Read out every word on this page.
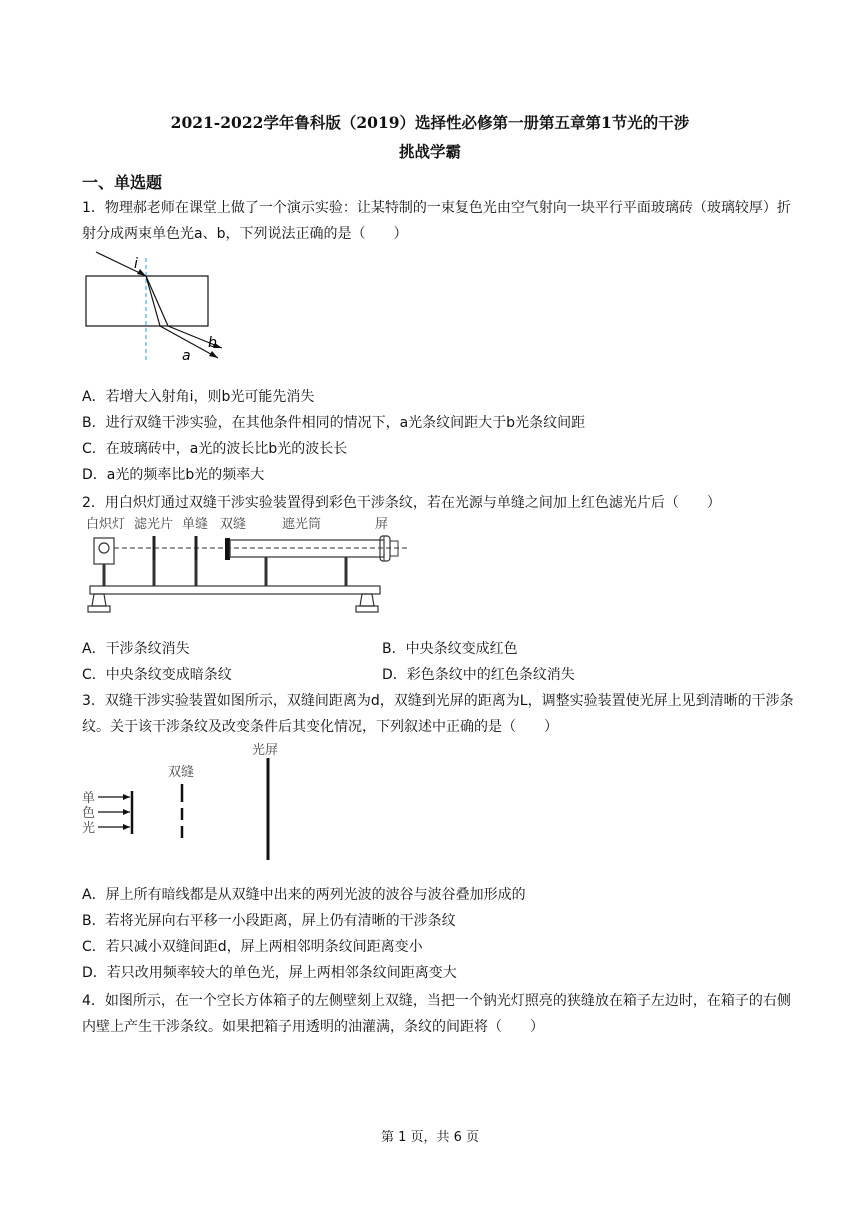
2021-2022学年鲁科版（2019）选择性必修第一册第五章第1节光的干涉
挑战学霸
一、单选题
1．物理郝老师在课堂上做了一个演示实验：让某特制的一束复色光由空气射向一块平行平面玻璃砖（玻璃较厚）折射分成两束单色光a、b，下列说法正确的是（　　）
i
b
a
A．若增大入射角i，则b光可能先消失
B．进行双缝干涉实验，在其他条件相同的情况下，a光条纹间距大于b光条纹间距
C．在玻璃砖中，a光的波长比b光的波长长
D．a光的频率比b光的频率大
2．用白炽灯通过双缝干涉实验装置得到彩色干涉条纹，若在光源与单缝之间加上红色滤光片后（　　）
白炽灯 滤光片 单缝 双缝	遮光筒	屏
A．干涉条纹消失	B．中央条纹变成红色
C．中央条纹变成暗条纹	D．彩色条纹中的红色条纹消失
3．双缝干涉实验装置如图所示，双缝间距离为d，双缝到光屏的距离为L，调整实验装置使光屏上见到清晰的干涉条纹。关于该干涉条纹及改变条件后其变化情况，下列叙述中正确的是（　　）
光屏
双缝
单
色
光
A．屏上所有暗线都是从双缝中出来的两列光波的波谷与波谷叠加形成的
B．若将光屏向右平移一小段距离，屏上仍有清晰的干涉条纹
C．若只减小双缝间距d，屏上两相邻明条纹间距离变小
D．若只改用频率较大的单色光，屏上两相邻条纹间距离变大
4．如图所示，在一个空长方体箱子的左侧壁刻上双缝，当把一个钠光灯照亮的狭缝放在箱子左边时，在箱子的右侧内壁上产生干涉条纹。如果把箱子用透明的油灌满，条纹的间距将（　　）
第 1 页，共 6 页
